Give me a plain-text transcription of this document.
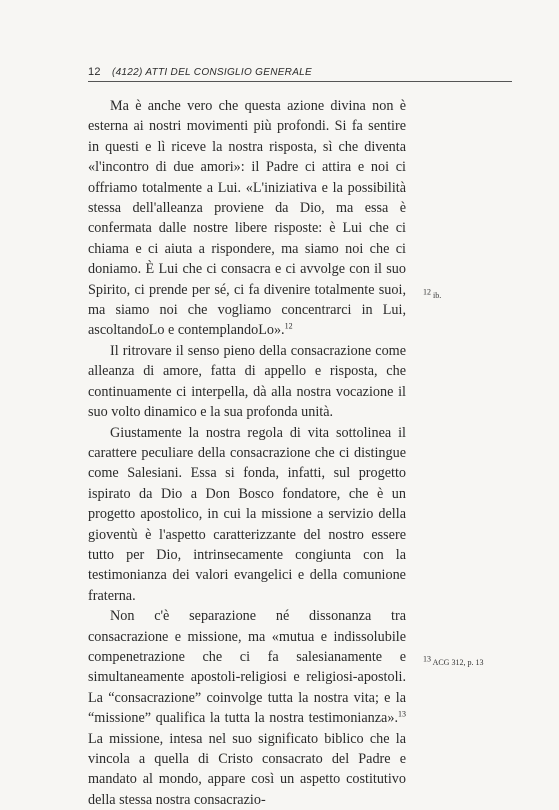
12 (4122) ATTI DEL CONSIGLIO GENERALE

Ma è anche vero che questa azione divina non è esterna ai nostri movimenti più profondi. Si fa sentire in questi e lì riceve la nostra risposta, sì che diventa «l'incontro di due amori»: il Padre ci attira e noi ci offriamo totalmente a Lui. «L'iniziativa e la possibilità stessa dell'alleanza proviene da Dio, ma essa è confermata dalle nostre libere risposte: è Lui che ci chiama e ci aiuta a rispondere, ma siamo noi che ci doniamo. È Lui che ci consacra e ci avvolge con il suo Spirito, ci prende per sé, ci fa divenire totalmente suoi, ma siamo noi che vogliamo concentrarci in Lui, ascoltandoLo e contemplandoLo».$^{12}$

Il ritrovare il senso pieno della consacrazione come alleanza di amore, fatta di appello e risposta, che continuamente ci interpella, dà alla nostra vocazione il suo volto dinamico e la sua profonda unità.

Giustamente la nostra regola di vita sottolinea il carattere peculiare della consacrazione che ci distingue come Salesiani. Essa si fonda, infatti, sul progetto ispirato da Dio a Don Bosco fondatore, che è un progetto apostolico, in cui la missione a servizio della gioventù è l'aspetto caratterizzante del nostro essere tutto per Dio, intrinsecamente congiunta con la testimonianza dei valori evangelici e della comunione fraterna.

Non c'è separazione né dissonanza tra consacrazione e missione, ma «mutua e indissolubile compenetrazione che ci fa salesianamente e simultaneamente apostoli-religiosi e religiosi-apostoli. La “consacrazione” coinvolge tutta la nostra vita; e la “missione” qualifica la tutta la nostra testimonianza».$^{13}$ La missione, intesa nel suo significato biblico che la vincola a quella di Cristo consacrato del Padre e mandato al mondo, appare così un aspetto costitutivo della stessa nostra consacrazio-

12 ib.
13 ACG 312, p. 13
